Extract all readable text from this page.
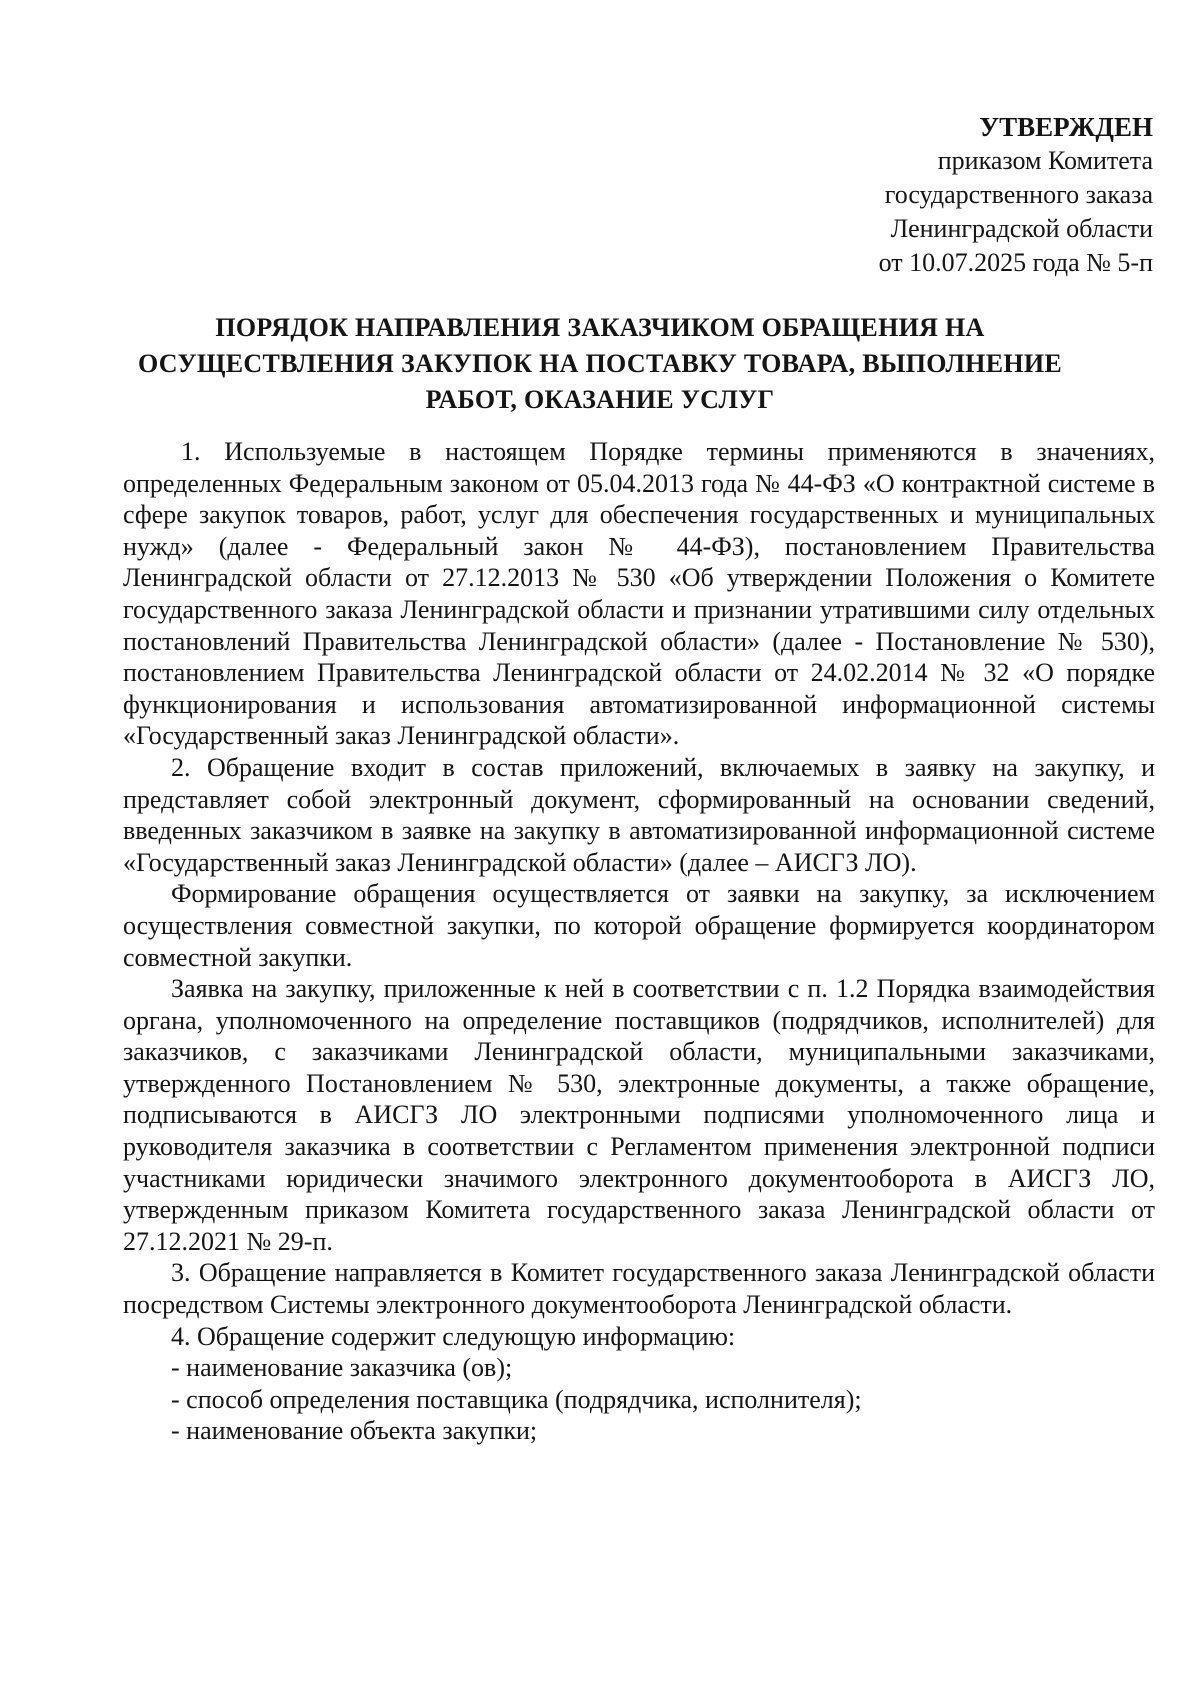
УТВЕРЖДЕН
приказом Комитета
государственного заказа
Ленинградской области
от 10.07.2025 года № 5-п
ПОРЯДОК НАПРАВЛЕНИЯ ЗАКАЗЧИКОМ ОБРАЩЕНИЯ НА ОСУЩЕСТВЛЕНИЯ ЗАКУПОК НА ПОСТАВКУ ТОВАРА, ВЫПОЛНЕНИЕ РАБОТ, ОКАЗАНИЕ УСЛУГ

1. Используемые в настоящем Порядке термины применяются в значениях, определенных Федеральным законом от 05.04.2013 года № 44-ФЗ «О контрактной системе в сфере закупок товаров, работ, услуг для обеспечения государственных и муниципальных нужд» (далее - Федеральный закон № 44-ФЗ), постановлением Правительства Ленинградской области от 27.12.2013 № 530 «Об утверждении Положения о Комитете государственного заказа Ленинградской области и признании утратившими силу отдельных постановлений Правительства Ленинградской области» (далее - Постановление № 530), постановлением Правительства Ленинградской области от 24.02.2014 № 32 «О порядке функционирования и использования автоматизированной информационной системы «Государственный заказ Ленинградской области».

2. Обращение входит в состав приложений, включаемых в заявку на закупку, и представляет собой электронный документ, сформированный на основании сведений, введенных заказчиком в заявке на закупку в автоматизированной информационной системе «Государственный заказ Ленинградской области» (далее – АИСГЗ ЛО).

Формирование обращения осуществляется от заявки на закупку, за исключением осуществления совместной закупки, по которой обращение формируется координатором совместной закупки.

Заявка на закупку, приложенные к ней в соответствии с п. 1.2 Порядка взаимодействия органа, уполномоченного на определение поставщиков (подрядчиков, исполнителей) для заказчиков, с заказчиками Ленинградской области, муниципальными заказчиками, утвержденного Постановлением № 530, электронные документы, а также обращение, подписываются в АИСГЗ ЛО электронными подписями уполномоченного лица и руководителя заказчика в соответствии с Регламентом применения электронной подписи участниками юридически значимого электронного документооборота в АИСГЗ ЛО, утвержденным приказом Комитета государственного заказа Ленинградской области от 27.12.2021 № 29-п.

3. Обращение направляется в Комитет государственного заказа Ленинградской области посредством Системы электронного документооборота Ленинградской области.

4. Обращение содержит следующую информацию:

- наименование заказчика (ов);

- способ определения поставщика (подрядчика, исполнителя);

- наименование объекта закупки;
